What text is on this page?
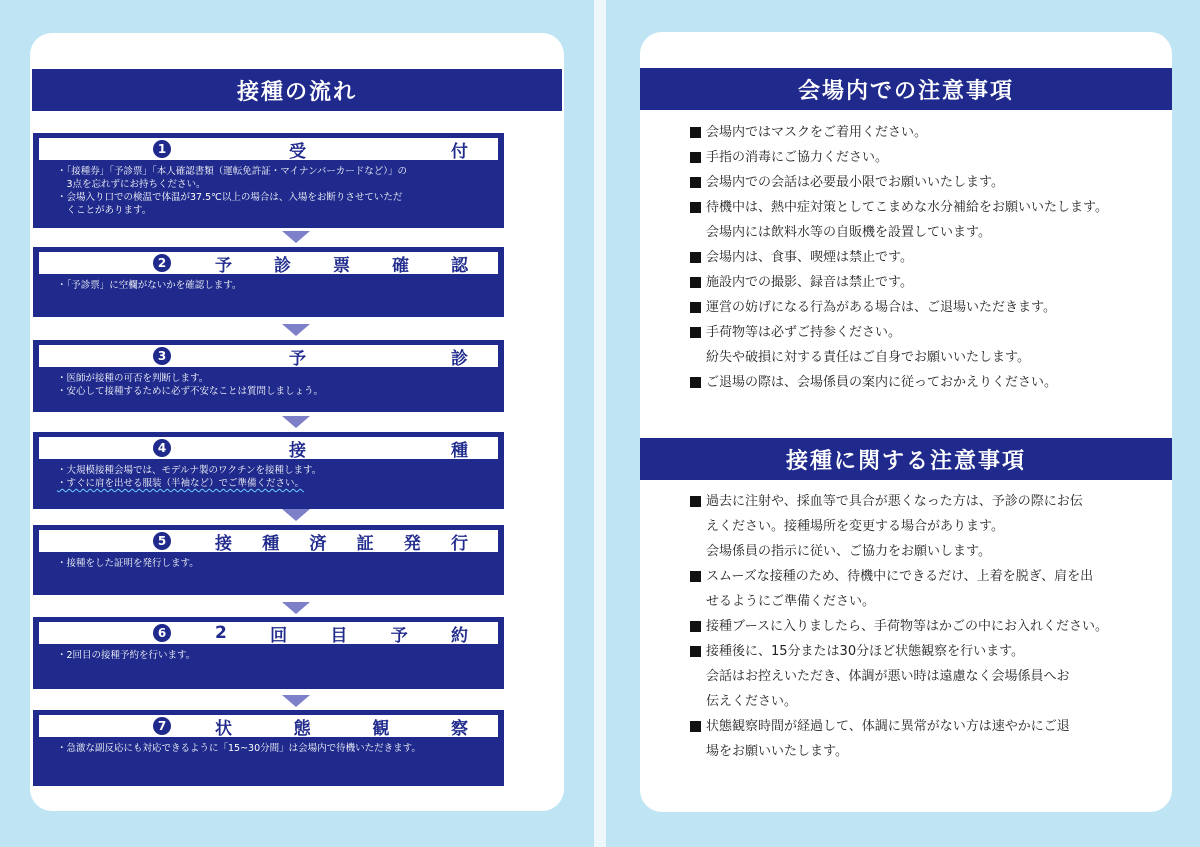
接種の流れ
1	受	付
・「接種券」「予診票」「本人確認書類（運転免許証・マイナンバーカードなど）」の
　3点を忘れずにお持ちください。
・会場入り口での検温で体温が37.5℃以上の場合は、入場をお断りさせていただ
　くことがあります。
2	予 診 票 確 認
・「予診票」に空欄がないかを確認します。
3	予	診
・医師が接種の可否を判断します。
・安心して接種するために必ず不安なことは質問しましょう。
4	接	種
・大規模接種会場では、モデルナ製のワクチンを接種します。
・すぐに肩を出せる服装（半袖など）でご準備ください。
5	接 種 済 証 発 行
・接種をした証明を発行します。
6	2	回	目	予	約
・2回目の接種予約を行います。
7	状	態	観	察
・急激な副反応にも対応できるように「15~30分間」は会場内で待機いただきます。
会場内での注意事項
会場内ではマスクをご着用ください。
手指の消毒にご協力ください。
会場内での会話は必要最小限でお願いいたします。
待機中は、熱中症対策としてこまめな水分補給をお願いいたします。
会場内には飲料水等の自販機を設置しています。
会場内は、食事、喫煙は禁止です。
施設内での撮影、録音は禁止です。
運営の妨げになる行為がある場合は、ご退場いただきます。
手荷物等は必ずご持参ください。
紛失や破損に対する責任はご自身でお願いいたします。
ご退場の際は、会場係員の案内に従っておかえりください。
接種に関する注意事項
過去に注射や、採血等で具合が悪くなった方は、予診の際にお伝
えください。接種場所を変更する場合があります。
会場係員の指示に従い、ご協力をお願いします。
スムーズな接種のため、待機中にできるだけ、上着を脱ぎ、肩を出
せるようにご準備ください。
接種ブースに入りましたら、手荷物等はかごの中にお入れください。
接種後に、15分または30分ほど状態観察を行います。
会話はお控えいただき、体調が悪い時は遠慮なく会場係員へお
伝えください。
状態観察時間が経過して、体調に異常がない方は速やかにご退
場をお願いいたします。
